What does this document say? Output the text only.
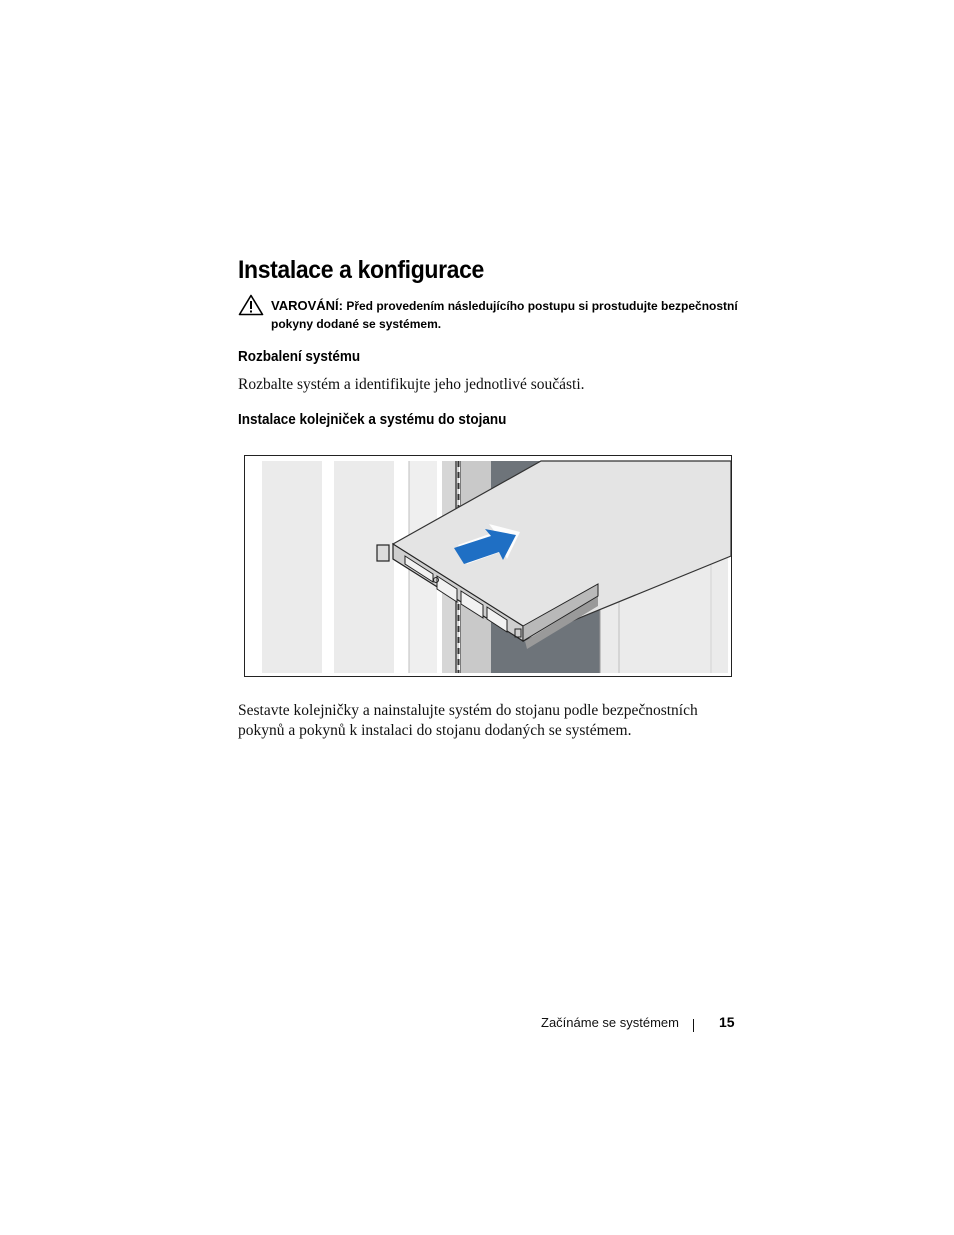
Instalace a konfigurace
VAROVÁNÍ: Před provedením následujícího postupu si prostudujte bezpečnostní
pokyny dodané se systémem.
Rozbalení systému
Rozbalte systém a identifikujte jeho jednotlivé součásti.
Instalace kolejniček a systému do stojanu
Sestavte kolejničky a nainstalujte systém do stojanu podle bezpečnostních pokynů a pokynů k instalaci do stojanu dodaných se systémem.
Začínáme se systémem	15
